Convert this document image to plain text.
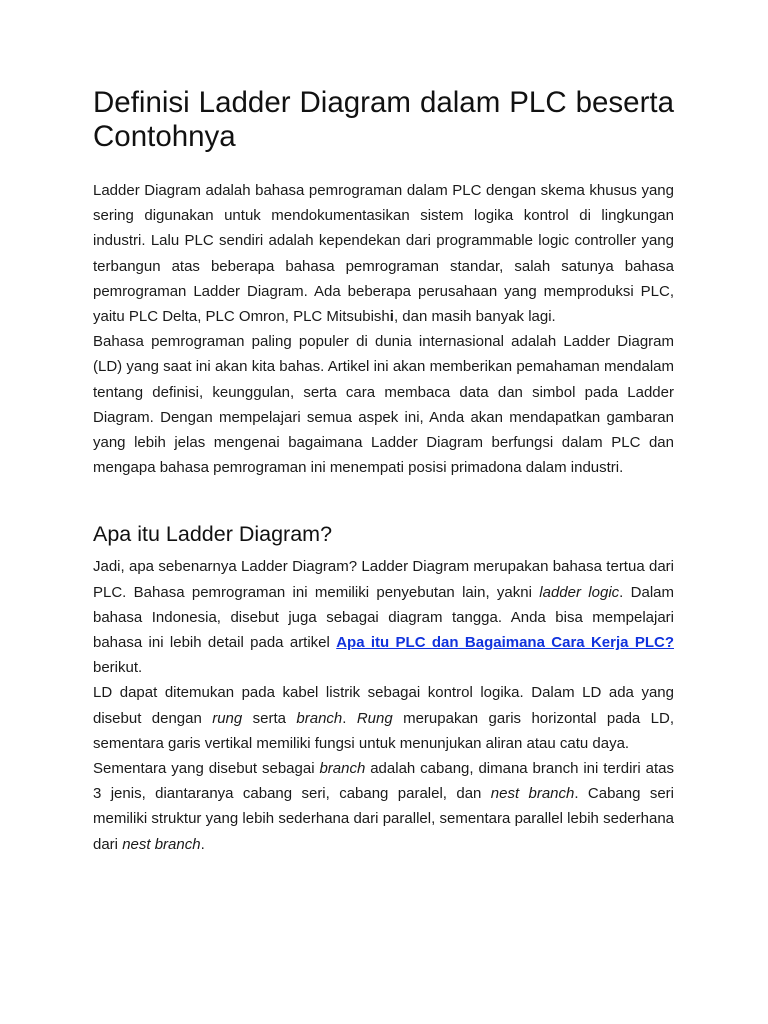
Definisi Ladder Diagram dalam PLC beserta Contohnya

Ladder Diagram adalah bahasa pemrograman dalam PLC dengan skema khusus yang sering digunakan untuk mendokumentasikan sistem logika kontrol di lingkungan industri. Lalu PLC sendiri adalah kependekan dari programmable logic controller yang terbangun atas beberapa bahasa pemrograman standar, salah satunya bahasa pemrograman Ladder Diagram. Ada beberapa perusahaan yang memproduksi PLC, yaitu PLC Delta, PLC Omron, PLC Mitsubishi, dan masih banyak lagi.

Bahasa pemrograman paling populer di dunia internasional adalah Ladder Diagram (LD) yang saat ini akan kita bahas. Artikel ini akan memberikan pemahaman mendalam tentang definisi, keunggulan, serta cara membaca data dan simbol pada Ladder Diagram. Dengan mempelajari semua aspek ini, Anda akan mendapatkan gambaran yang lebih jelas mengenai bagaimana Ladder Diagram berfungsi dalam PLC dan mengapa bahasa pemrograman ini menempati posisi primadona dalam industri.

Apa itu Ladder Diagram?

Jadi, apa sebenarnya Ladder Diagram? Ladder Diagram merupakan bahasa tertua dari PLC. Bahasa pemrograman ini memiliki penyebutan lain, yakni ladder logic. Dalam bahasa Indonesia, disebut juga sebagai diagram tangga. Anda bisa mempelajari bahasa ini lebih detail pada artikel Apa itu PLC dan Bagaimana Cara Kerja PLC? berikut.

LD dapat ditemukan pada kabel listrik sebagai kontrol logika. Dalam LD ada yang disebut dengan rung serta branch. Rung merupakan garis horizontal pada LD, sementara garis vertikal memiliki fungsi untuk menunjukan aliran atau catu daya.

Sementara yang disebut sebagai branch adalah cabang, dimana branch ini terdiri atas 3 jenis, diantaranya cabang seri, cabang paralel, dan nest branch. Cabang seri memiliki struktur yang lebih sederhana dari parallel, sementara parallel lebih sederhana dari nest branch.
